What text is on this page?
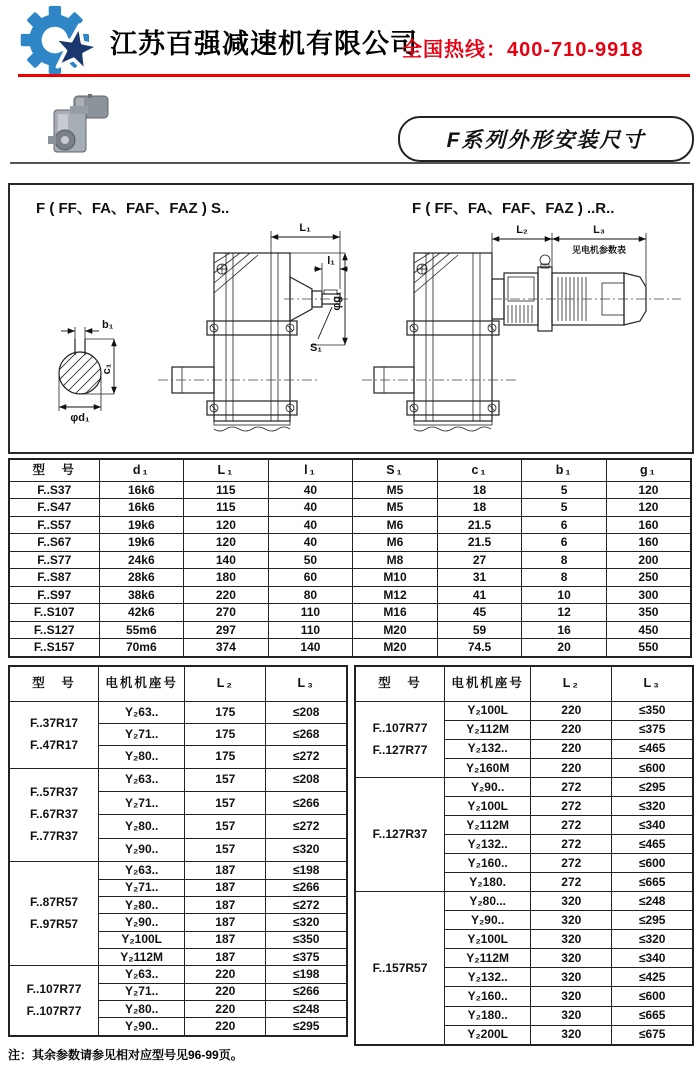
江苏百强减速机有限公司
全国热线：400-710-9918
F系列外形安装尺寸
F ( FF、FA、FAF、FAZ ) S..	F ( FF、FA、FAF、FAZ ) ..R..
L₁
l₁
φg₁
S₁
b₁
c₁
φd₁
L₂	L₃
见电机参数表
型　号	d₁	L₁	l₁	S₁	c₁	b₁	g₁
F..S37	16k6	115	40	M5	18	5	120
F..S47	16k6	115	40	M5	18	5	120
F..S57	19k6	120	40	M6	21.5	6	160
F..S67	19k6	120	40	M6	21.5	6	160
F..S77	24k6	140	50	M8	27	8	200
F..S87	28k6	180	60	M10	31	8	250
F..S97	38k6	220	80	M12	41	10	300
F..S107	42k6	270	110	M16	45	12	350
F..S127	55m6	297	110	M20	59	16	450
F..S157	70m6	374	140	M20	74.5	20	550
型　号	电机机座号	L₂	L₃

F..37R17
F..47R17	Y₂63..	175	≤208
	Y₂71..	175	≤268
	Y₂80..	175	≤272

F..57R37
F..67R37
F..77R37	Y₂63..	157	≤208
	Y₂71..	157	≤266
	Y₂80..	157	≤272
	Y₂90..	157	≤320

F..87R57
F..97R57	Y₂63..	187	≤198
	Y₂71..	187	≤266
	Y₂80..	187	≤272
	Y₂90..	187	≤320
	Y₂100L	187	≤350
	Y₂112M	187	≤375

F..107R77
F..107R77	Y₂63..	220	≤198
	Y₂71..	220	≤266
	Y₂80..	220	≤248
	Y₂90..	220	≤295
型　号	电机机座号	L₂	L₃

F..107R77
F..127R77	Y₂100L	220	≤350
	Y₂112M	220	≤375
	Y₂132..	220	≤465
	Y₂160M	220	≤600

F..127R37	Y₂90..	272	≤295
	Y₂100L	272	≤320
	Y₂112M	272	≤340
	Y₂132..	272	≤465
	Y₂160..	272	≤600
	Y₂180.	272	≤665

F..157R57	Y₂80...	320	≤248
	Y₂90..	320	≤295
	Y₂100L	320	≤320
	Y₂112M	320	≤340
	Y₂132..	320	≤425
	Y₂160..	320	≤600
	Y₂180..	320	≤665
	Y₂200L	320	≤675
注：其余参数请参见相对应型号见96-99页。
